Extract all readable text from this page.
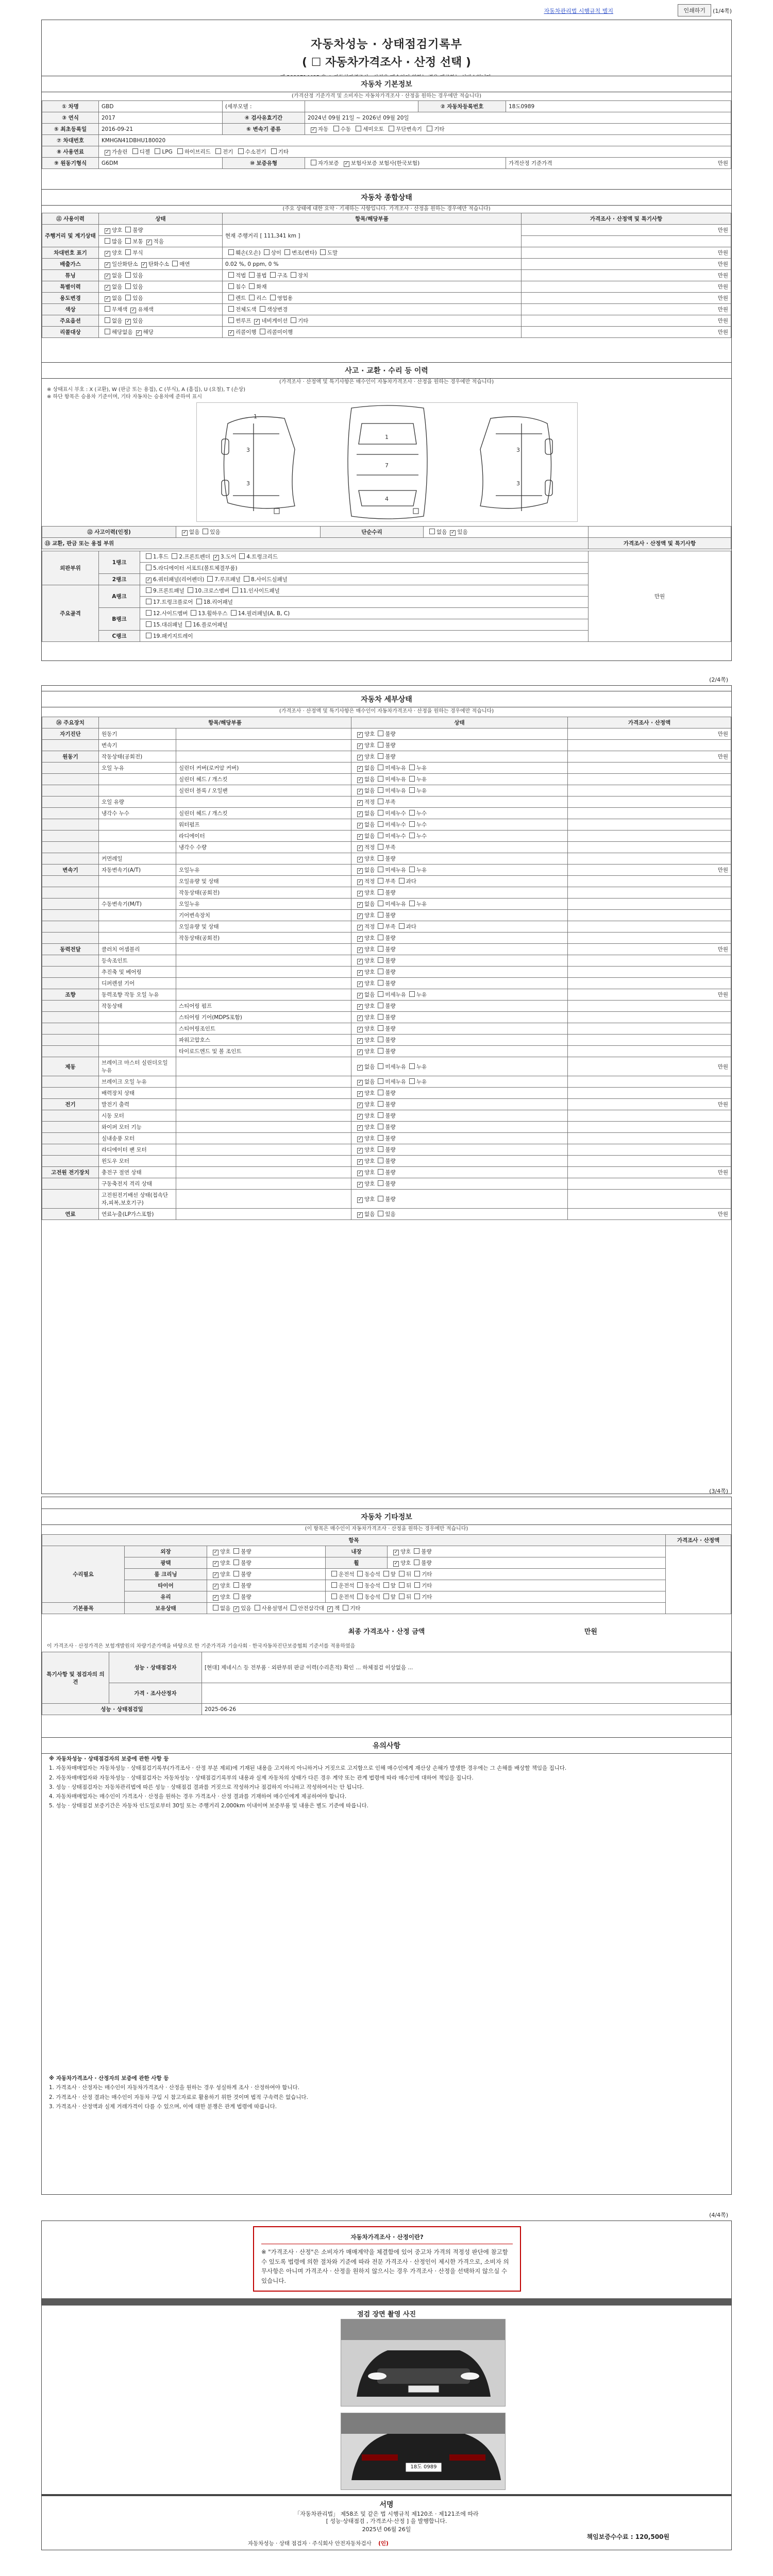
자동차관리법 시행규칙 별지	인쇄하기	(1/4쪽)
자동차성능 · 상태점검기록부
( ☐ 자동차가격조사 · 산정 선택 )
자동차 기본정보
(가격산정 기준가격 및 소비자는 자동차가격조사 · 산정을 원하는 경우에만 적습니다)
① 차명	GBD	(세부모델 :		② 자동차등록번호	18도0989
③ 연식	2017	④ 검사유효기간	2024년 09월 21일 ~ 2026년 09월 20일		
⑤ 최초등록일	2016-09-21	⑥ 변속기 종류	✓자동 수동 세미오토 무단변속기 기타
⑦ 차대번호	KMHGN41DBHU180020				
⑧ 사용연료	✓가솔린 디젤 LPG 하이브리드 전기 수소전기 기타
⑨ 원동기형식	G6DM	⑩ 보증유형	자가보증 ✓ 보험사보증 보험사(한국보험)		가격산정 기준가격 만원
자동차 종합상태
(주요 상태에 대한 요약 · 기재하는 사항입니다. 가격조사 · 산정을 원하는 경우에만 적습니다)
⑪ 사용이력	상태	항목/해당부품	가격조사 · 산정액 및 특기사항
주행거리 및 계기상태	✓양호 불량	현재 주행거리 [ 111,341 km ]	만원
	많음 보통 ✓ 적음	
차대번호 표기	✓양호 부식	훼손(오손) 상이 변조(변타) 도말	만원
배출가스	✓일산화탄소 ✓ 탄화수소 매연	0.02 %, 0 ppm, 0 %	만원
튜닝	✓없음 있음	적법 불법 구조 장치	만원
특별이력	✓없음 있음	침수 화재	만원
용도변경	✓없음 있음	렌트 리스 영업용	만원
색상	무채색 ✓ 유채색	전체도색 색상변경	만원
주요옵션	없음 ✓ 있음	썬루프 ✓ 네비게이션 기타	만원
리콜대상	해당없음 ✓ 해당	✓리콜이행 리콜미이행	만원
사고 · 교환 · 수리 등 이력
(가격조사 · 산정액 및 특기사항은 매수인이 자동차가격조사 · 산정을 원하는 경우에만 적습니다)
※ 상태표시 부호 : X (교환), W (판금 또는 용접), C (부식), A (흠집), U (요철), T (손상)
※ 하단 항목은 승용차 기준이며, 기타 자동차는 승용차에 준하여 표시
1
3
3
1
7
4
3
3
⑫ 사고이력(인정)	✓없음 있음	단순수리	없음 ✓ 있음	
⑬ 교환, 판금 또는 용접 부위				가격조사 · 산정액 및 특기사항
외판부위	1랭크	1.후드 2.프론트펜더 ✓ 3.도어 4.트렁크리드	만원
		5.라디에이터 서포트(볼트체결부품)	
	2랭크	✓6.쿼터패널(리어펜더) 7.루프패널 8.사이드실패널
주요골격	A랭크	9.프론트패널 10.크로스멤버 11.인사이드패널	
		17.트렁크플로어 18.리어패널	
	B랭크	12.사이드멤버 13.휠하우스 14.필러패널(A, B, C)	
		15.대쉬패널 16.플로어패널	
	C랭크	19.패키지트레이	
(2/4쪽)
자동차 세부상태
(가격조사 · 산정액 및 특기사항은 매수인이 자동차가격조사 · 산정을 원하는 경우에만 적습니다)
⑭ 주요장치	항목/해당부품		상태	가격조사 · 산정액
자기진단	원동기		✓양호 불량	만원
	변속기		✓양호 불량	
원동기	작동상태(공회전)		✓양호 불량	만원
	오일 누유	실린더 커버(로커암 커버)	✓없음 미세누유 누유	
		실린더 헤드 / 개스킷	✓없음 미세누유 누유	
		실린더 블록 / 오일팬	✓없음 미세누유 누유	
	오일 유량		✓적정 부족	
	냉각수 누수	실린더 헤드 / 개스킷	✓없음 미세누수 누수	
		워터펌프	✓없음 미세누수 누수	
		라디에이터	✓없음 미세누수 누수	
		냉각수 수량	✓적정 부족	
	커먼레일		✓양호 불량	
변속기	자동변속기(A/T)	오일누유	✓없음 미세누유 누유	만원
		오일유량 및 상태	✓적정 부족 과다	
		작동상태(공회전)	✓양호 불량	
	수동변속기(M/T)	오일누유	✓없음 미세누유 누유	
		기어변속장치	✓양호 불량	
		오일유량 및 상태	✓적정 부족 과다	
		작동상태(공회전)	✓양호 불량	
동력전달	클러치 어셈블리		✓양호 불량	만원
	등속조인트		✓양호 불량	
	추진축 및 베어링		✓양호 불량	
	디퍼렌셜 기어		✓양호 불량	
조향	동력조향 작동 오일 누유		✓없음 미세누유 누유	만원
	작동상태	스티어링 펌프	✓양호 불량	
		스티어링 기어(MDPS포함)	✓양호 불량	
		스티어링조인트	✓양호 불량	
		파워고압호스	✓양호 불량	
		타이로드엔드 및 볼 조인트	✓양호 불량	
제동	브레이크 마스터 실린더오일 누유		✓없음 미세누유 누유	만원
	브레이크 오일 누유		✓없음 미세누유 누유	
	배력장치 상태		✓양호 불량	
전기	발전기 출력		✓양호 불량	만원
	시동 모터		✓양호 불량	
	와이퍼 모터 기능		✓양호 불량	
	실내송풍 모터		✓양호 불량	
	라디에이터 팬 모터		✓양호 불량	
	윈도우 모터		✓양호 불량	
고전원 전기장치	충전구 절연 상태		✓양호 불량	만원
	구동축전지 격리 상태		✓양호 불량	
	고전원전기배선 상태(접속단자,피복,보호기구)		✓양호 불량	
연료	연료누출(LP가스포함)		✓없음 있음	만원
(3/4쪽)
자동차 기타정보
(이 항목은 매수인이 자동차가격조사 · 산정을 원하는 경우에만 적습니다)
항목					가격조사 · 산정액
수리필요	외장	✓양호 불량	내장	✓양호 불량	
	광택	✓양호 불량	휠	✓양호 불량
	룸 크리닝	✓양호 불량	운전석 동승석 앞 뒤 기타		
	타이어	✓양호 불량	운전석 동승석 앞 뒤 기타		
	유리	✓양호 불량	운전석 동승석 앞 뒤 기타		
기본품목	보유상태	없음 ✓ 있음 사용설명서 안전삼각대 ✓ 잭 기타
최종 가격조사 · 산정 금액	만원
이 가격조사 · 산정가격은 보험개발원의 차량기준가액을 바탕으로 한 기준가격과 기술사회 · 한국자동차진단보증협회 기준서를 적용하였음
특기사항 및 점검자의 의견	성능 · 상태점검자	[현대] 제네시스 등 전부품 · 외판부위 판금 이력(수리흔적) 확인 ... 하체점검 이상없음 ...
	가격 · 조사산정자	
성능 · 상태점검일		2025-06-26
유의사항

※ 자동차성능 · 상태점검자의 보증에 관한 사항 등

1. 자동차매매업자는 자동차성능 · 상태점검기록부(가격조사 · 산정 부분 제외)에 기재된 내용을 고지하지 아니하거나 거짓으로 고지함으로 인해 매수인에게 재산상 손해가 발생한 경우에는 그 손해를 배상할 책임을 집니다.

2. 자동차매매업자와 자동차성능 · 상태점검자는 자동차성능 · 상태점검기록부의 내용과 실제 자동차의 상태가 다른 경우 계약 또는 관계 법령에 따라 매수인에 대하여 책임을 집니다.

3. 성능 · 상태점검자는 자동차관리법에 따른 성능 · 상태점검 결과를 거짓으로 작성하거나 점검하지 아니하고 작성하여서는 안 됩니다.

4. 자동차매매업자는 매수인이 가격조사 · 산정을 원하는 경우 가격조사 · 산정 결과를 기재하여 매수인에게 제공하여야 합니다.

5. 성능 · 상태점검 보증기간은 자동차 인도일로부터 30일 또는 주행거리 2,000km 이내이며 보증부품 및 내용은 별도 기준에 따릅니다.

※ 자동차가격조사 · 산정자의 보증에 관한 사항 등

1. 가격조사 · 산정자는 매수인이 자동차가격조사 · 산정을 원하는 경우 성실하게 조사 · 산정하여야 합니다.

2. 가격조사 · 산정 결과는 매수인이 자동차 구입 시 참고자료로 활용하기 위한 것이며 법적 구속력은 없습니다.

3. 가격조사 · 산정액과 실제 거래가격이 다를 수 있으며, 이에 대한 분쟁은 관계 법령에 따릅니다.

(4/4쪽)
자동차가격조사 · 산정이란?
※ "가격조사 · 산정"은 소비자가 매매계약을 체결함에 있어 중고차 가격의 적정성 판단에 참고할 수 있도록 법령에 의한 절차와 기준에 따라 전문 가격조사 · 산정인이 제시한 가격으로, 소비자 의무사항은 아니며 가격조사 · 산정을 원하지 않으시는 경우 가격조사 · 산정을 선택하지 않으실 수 있습니다.
점검 장면 촬영 사진
18도 0989
서명
「자동차관리법」 제58조 및 같은 법 시행규칙 제120조 · 제121조에 따라
[ 성능·상태점검 , 가격조사·산정 ] 을 발행합니다.
2025년 06월 26일
책임보증수수료 : 120,500원
자동차성능 · 상태 점검자 · 주식회사 안전자동차검사 (인)
